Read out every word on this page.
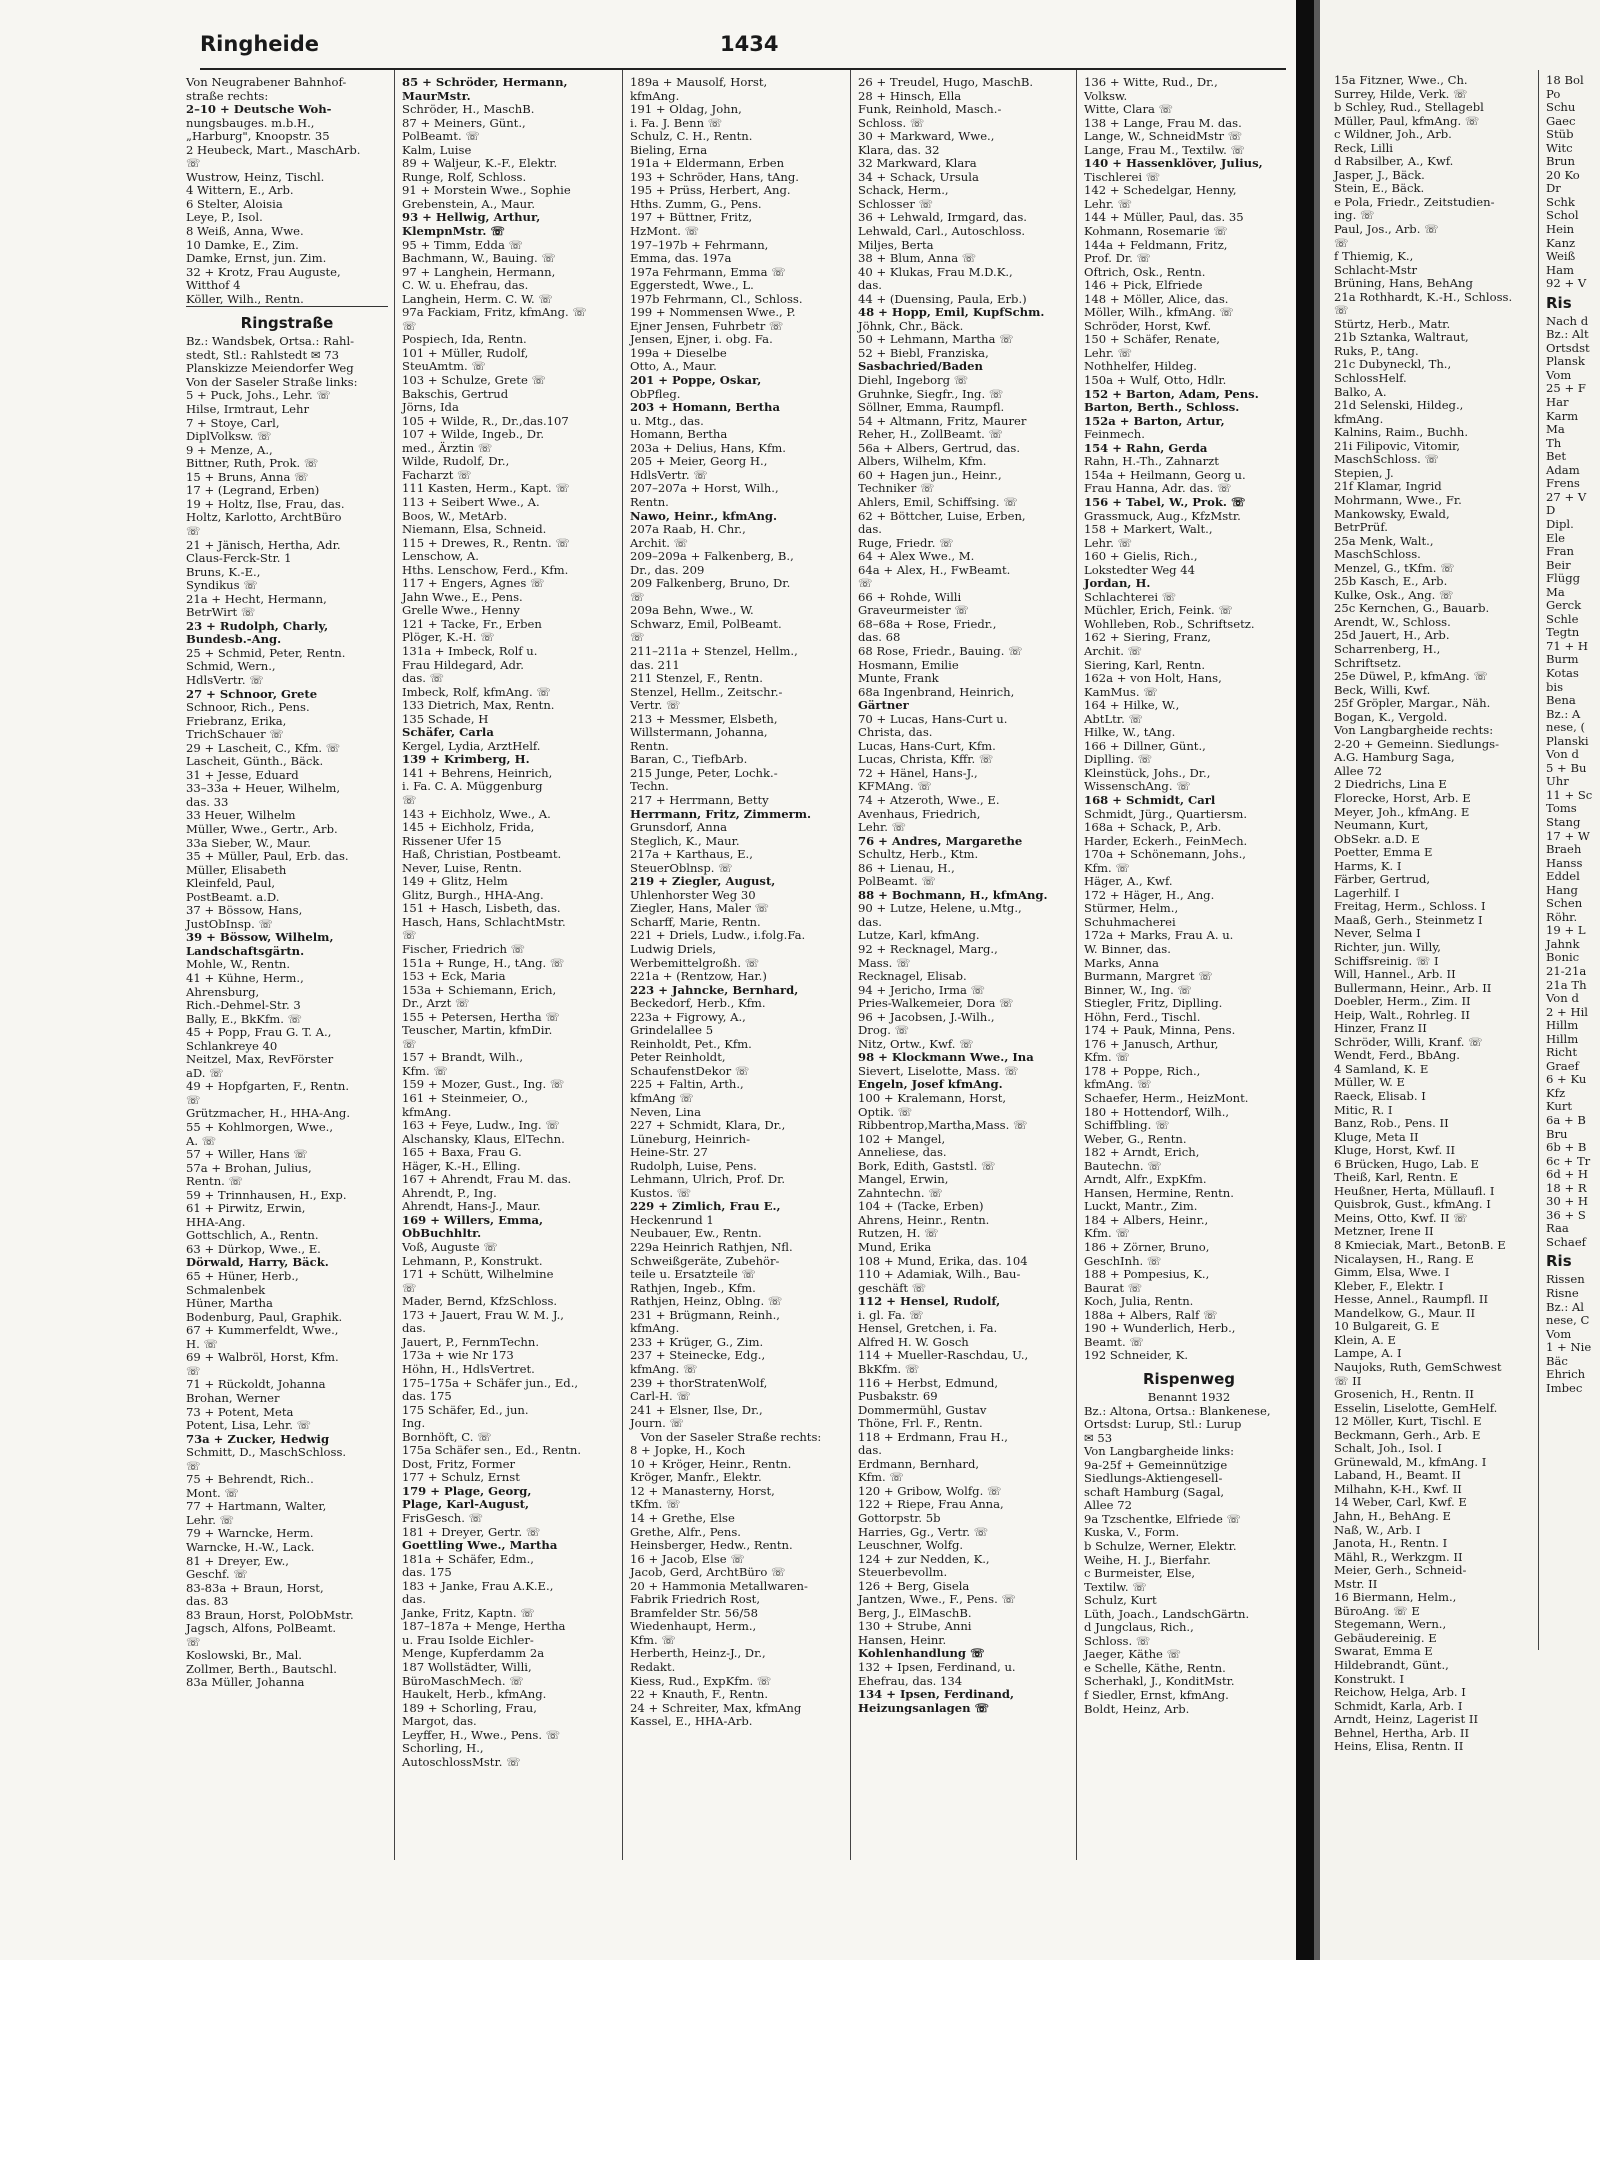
Ringheide	1434
Von Neugrabener Bahnhof-
straße rechts:
2–10 + Deutsche Woh-
nungsbauges. m.b.H.,
„Harburg", Knoopstr. 35
2 Heubeck, Mart., MaschArb.
☏
Wustrow, Heinz, Tischl.
4 Wittern, E., Arb.
6 Stelter, Aloisia
Leye, P., Isol.
8 Weiß, Anna, Wwe.
10 Damke, E., Zim.
Damke, Ernst, jun. Zim.
32 + Krotz, Frau Auguste,
Witthof 4
Köller, Wilh., Rentn.
Ringstraße
Bz.: Wandsbek, Ortsa.: Rahl-
stedt, Stl.: Rahlstedt ✉ 73
Planskizze Meiendorfer Weg
Von der Saseler Straße links:
5 + Puck, Johs., Lehr. ☏
Hilse, Irmtraut, Lehr
7 + Stoye, Carl,
DiplVolksw. ☏
9 + Menze, A.,
Bittner, Ruth, Prok. ☏
15 + Bruns, Anna ☏
17 + (Legrand, Erben)
19 + Holtz, Ilse, Frau, das.
Holtz, Karlotto, ArchtBüro
☏
21 + Jänisch, Hertha, Adr.
Claus-Ferck-Str. 1
Bruns, K.-E.,
Syndikus ☏
21a + Hecht, Hermann,
BetrWirt ☏
23 + Rudolph, Charly,
Bundesb.-Ang.
25 + Schmid, Peter, Rentn.
Schmid, Wern.,
HdlsVertr. ☏
27 + Schnoor, Grete
Schnoor, Rich., Pens.
Friebranz, Erika,
TrichSchauer ☏
29 + Lascheit, C., Kfm. ☏
Lascheit, Günth., Bäck.
31 + Jesse, Eduard
33–33a + Heuer, Wilhelm,
das. 33
33 Heuer, Wilhelm
Müller, Wwe., Gertr., Arb.
33a Sieber, W., Maur.
35 + Müller, Paul, Erb. das.
Müller, Elisabeth
Kleinfeld, Paul,
PostBeamt. a.D.
37 + Bössow, Hans,
JustObInsp. ☏
39 + Bössow, Wilhelm,
Landschaftsgärtn.
Mohle, W., Rentn.
41 + Kühne, Herm.,
Ahrensburg,
Rich.-Dehmel-Str. 3
Bally, E., BkKfm. ☏
45 + Popp, Frau G. T. A.,
Schlankreye 40
Neitzel, Max, RevFörster
aD. ☏
49 + Hopfgarten, F., Rentn.
☏
Grützmacher, H., HHA-Ang.
55 + Kohlmorgen, Wwe.,
A. ☏
57 + Willer, Hans ☏
57a + Brohan, Julius,
Rentn. ☏
59 + Trinnhausen, H., Exp.
61 + Pirwitz, Erwin,
HHA-Ang.
Gottschlich, A., Rentn.
63 + Dürkop, Wwe., E.
Dörwald, Harry, Bäck.
65 + Hüner, Herb.,
Schmalenbek
Hüner, Martha
Bodenburg, Paul, Graphik.
67 + Kummerfeldt, Wwe.,
H. ☏
69 + Walbröl, Horst, Kfm.
☏
71 + Rückoldt, Johanna
Brohan, Werner
73 + Potent, Meta
Potent, Lisa, Lehr. ☏
73a + Zucker, Hedwig
Schmitt, D., MaschSchloss.
☏
75 + Behrendt, Rich..
Mont. ☏
77 + Hartmann, Walter,
Lehr. ☏
79 + Warncke, Herm.
Warncke, H.-W., Lack.
81 + Dreyer, Ew.,
Geschf. ☏
83-83a + Braun, Horst,
das. 83
83 Braun, Horst, PolObMstr.
Jagsch, Alfons, PolBeamt.
☏
Koslowski, Br., Mal.
Zollmer, Berth., Bautschl.
83a Müller, Johanna
85 + Schröder, Hermann,
MaurMstr.
Schröder, H., MaschB.
87 + Meiners, Günt.,
PolBeamt. ☏
Kalm, Luise
89 + Waljeur, K.-F., Elektr.
Runge, Rolf, Schloss.
91 + Morstein Wwe., Sophie
Grebenstein, A., Maur.
93 + Hellwig, Arthur,
KlempnMstr. ☏
95 + Timm, Edda ☏
Bachmann, W., Bauing. ☏
97 + Langhein, Hermann,
C. W. u. Ehefrau, das.
Langhein, Herm. C. W. ☏
97a Fackiam, Fritz, kfmAng. ☏
☏
Pospiech, Ida, Rentn.
101 + Müller, Rudolf,
SteuAmtm. ☏
103 + Schulze, Grete ☏
Bakschis, Gertrud
Jörns, Ida
105 + Wilde, R., Dr.,das.107
107 + Wilde, Ingeb., Dr.
med., Ärztin ☏
Wilde, Rudolf, Dr.,
Facharzt ☏
111 Kasten, Herm., Kapt. ☏
113 + Seibert Wwe., A.
Boos, W., MetArb.
Niemann, Elsa, Schneid.
115 + Drewes, R., Rentn. ☏
Lenschow, A.
Hths. Lenschow, Ferd., Kfm.
117 + Engers, Agnes ☏
Jahn Wwe., E., Pens.
Grelle Wwe., Henny
121 + Tacke, Fr., Erben
Plöger, K.-H. ☏
131a + Imbeck, Rolf u.
Frau Hildegard, Adr.
das. ☏
Imbeck, Rolf, kfmAng. ☏
133 Dietrich, Max, Rentn.
135 Schade, H
Schäfer, Carla
Kergel, Lydia, ArztHelf.
139 + Krimberg, H.
141 + Behrens, Heinrich,
i. Fa. C. A. Müggenburg
☏
143 + Eichholz, Wwe., A.
145 + Eichholz, Frida,
Rissener Ufer 15
Haß, Christian, Postbeamt.
Never, Luise, Rentn.
149 + Glitz, Helm
Glitz, Burgh., HHA-Ang.
151 + Hasch, Lisbeth, das.
Hasch, Hans, SchlachtMstr.
☏
Fischer, Friedrich ☏
151a + Runge, H., tAng. ☏
153 + Eck, Maria
153a + Schiemann, Erich,
Dr., Arzt ☏
155 + Petersen, Hertha ☏
Teuscher, Martin, kfmDir.
☏
157 + Brandt, Wilh.,
Kfm. ☏
159 + Mozer, Gust., Ing. ☏
161 + Steinmeier, O.,
kfmAng.
163 + Feye, Ludw., Ing. ☏
Alschansky, Klaus, ElTechn.
165 + Baxa, Frau G.
Häger, K.-H., Elling.
167 + Ahrendt, Frau M. das.
Ahrendt, P., Ing.
Ahrendt, Hans-J., Maur.
169 + Willers, Emma,
ObBuchhltr.
Voß, Auguste ☏
Lehmann, P., Konstrukt.
171 + Schütt, Wilhelmine
☏
Mader, Bernd, KfzSchloss.
173 + Jauert, Frau W. M. J.,
das.
Jauert, P., FernmTechn.
173a + wie Nr 173
Höhn, H., HdlsVertret.
175–175a + Schäfer jun., Ed.,
das. 175
175 Schäfer, Ed., jun.
Ing.
Bornhöft, C. ☏
175a Schäfer sen., Ed., Rentn.
Dost, Fritz, Former
177 + Schulz, Ernst
179 + Plage, Georg,
Plage, Karl-August,
FrisGesch. ☏
181 + Dreyer, Gertr. ☏
Goettling Wwe., Martha
181a + Schäfer, Edm.,
das. 175
183 + Janke, Frau A.K.E.,
das.
Janke, Fritz, Kaptn. ☏
187–187a + Menge, Hertha
u. Frau Isolde Eichler-
Menge, Kupferdamm 2a
187 Wollstädter, Willi,
BüroMaschMech. ☏
Haukelt, Herb., kfmAng.
189 + Schorling, Frau,
Margot, das.
Leyffer, H., Wwe., Pens. ☏
Schorling, H.,
AutoschlossMstr. ☏
189a + Mausolf, Horst,
kfmAng.
191 + Oldag, John,
i. Fa. J. Benn ☏
Schulz, C. H., Rentn.
Bieling, Erna
191a + Eldermann, Erben
193 + Schröder, Hans, tAng.
195 + Prüss, Herbert, Ang.
Hths. Zumm, G., Pens.
197 + Büttner, Fritz,
HzMont. ☏
197–197b + Fehrmann,
Emma, das. 197a
197a Fehrmann, Emma ☏
Eggerstedt, Wwe., L.
197b Fehrmann, Cl., Schloss.
199 + Nommensen Wwe., P.
Ejner Jensen, Fuhrbetr ☏
Jensen, Ejner, i. obg. Fa.
199a + Dieselbe
Otto, A., Maur.
201 + Poppe, Oskar,
ObPfleg.
203 + Homann, Bertha
u. Mtg., das.
Homann, Bertha
203a + Delius, Hans, Kfm.
205 + Meier, Georg H.,
HdlsVertr. ☏
207–207a + Horst, Wilh.,
Rentn.
Nawo, Heinr., kfmAng.
207a Raab, H. Chr.,
Archit. ☏
209–209a + Falkenberg, B.,
Dr., das. 209
209 Falkenberg, Bruno, Dr.
☏
209a Behn, Wwe., W.
Schwarz, Emil, PolBeamt.
☏
211–211a + Stenzel, Hellm.,
das. 211
211 Stenzel, F., Rentn.
Stenzel, Hellm., Zeitschr.-
Vertr. ☏
213 + Messmer, Elsbeth,
Willstermann, Johanna,
Rentn.
Baran, C., TiefbArb.
215 Junge, Peter, Lochk.-
Techn.
217 + Herrmann, Betty
Herrmann, Fritz, Zimmerm.
Grunsdorf, Anna
Steglich, K., Maur.
217a + Karthaus, E.,
SteuerOblnsp. ☏
219 + Ziegler, August,
Uhlenhorster Weg 30
Ziegler, Hans, Maler ☏
Scharff, Marie, Rentn.
221 + Driels, Ludw., i.folg.Fa.
Ludwig Driels,
Werbemittelgroßh. ☏
221a + (Rentzow, Har.)
223 + Jahncke, Bernhard,
Beckedorf, Herb., Kfm.
223a + Figrowy, A.,
Grindelallee 5
Reinholdt, Pet., Kfm.
Peter Reinholdt,
SchaufenstDekor ☏
225 + Faltin, Arth.,
kfmAng ☏
Neven, Lina
227 + Schmidt, Klara, Dr.,
Lüneburg, Heinrich-
Heine-Str. 27
Rudolph, Luise, Pens.
Lehmann, Ulrich, Prof. Dr.
Kustos. ☏
229 + Zimlich, Frau E.,
Heckenrund 1
Neubauer, Ew., Rentn.
229a Heinrich Rathjen, Nfl.
Schweißgeräte, Zubehör-
teile u. Ersatzteile ☏
Rathjen, Ingeb., Kfm.
Rathjen, Heinz, Oblng. ☏
231 + Brügmann, Reinh.,
kfmAng.
233 + Krüger, G., Zim.
237 + Steinecke, Edg.,
kfmAng. ☏
239 + thorStratenWolf,
Carl-H. ☏
241 + Elsner, Ilse, Dr.,
Journ. ☏
Von der Saseler Straße rechts:
8 + Jopke, H., Koch
10 + Kröger, Heinr., Rentn.
Kröger, Manfr., Elektr.
12 + Manasterny, Horst,
tKfm. ☏
14 + Grethe, Else
Grethe, Alfr., Pens.
Heinsberger, Hedw., Rentn.
16 + Jacob, Else ☏
Jacob, Gerd, ArchtBüro ☏
20 + Hammonia Metallwaren-
Fabrik Friedrich Rost,
Bramfelder Str. 56/58
Wiedenhaupt, Herm.,
Kfm. ☏
Herberth, Heinz-J., Dr.,
Redakt.
Kiess, Rud., ExpKfm. ☏
22 + Knauth, F., Rentn.
24 + Schreiter, Max, kfmAng
Kassel, E., HHA-Arb.
26 + Treudel, Hugo, MaschB.
28 + Hinsch, Ella
Funk, Reinhold, Masch.-
Schloss. ☏
30 + Markward, Wwe.,
Klara, das. 32
32 Markward, Klara
34 + Schack, Ursula
Schack, Herm.,
Schlosser ☏
36 + Lehwald, Irmgard, das.
Lehwald, Carl., Autoschloss.
Miljes, Berta
38 + Blum, Anna ☏
40 + Klukas, Frau M.D.K.,
das.
44 + (Duensing, Paula, Erb.)
48 + Hopp, Emil, KupfSchm.
Jöhnk, Chr., Bäck.
50 + Lehmann, Martha ☏
52 + Biebl, Franziska,
Sasbachried/Baden
Diehl, Ingeborg ☏
Gruhnke, Siegfr., Ing. ☏
Söllner, Emma, Raumpfl.
54 + Altmann, Fritz, Maurer
Reher, H., ZollBeamt. ☏
56a + Albers, Gertrud, das.
Albers, Wilhelm, Kfm.
60 + Hagen jun., Heinr.,
Techniker ☏
Ahlers, Emil, Schiffsing. ☏
62 + Böttcher, Luise, Erben,
das.
Ruge, Friedr. ☏
64 + Alex Wwe., M.
64a + Alex, H., FwBeamt.
☏
66 + Rohde, Willi
Graveurmeister ☏
68–68a + Rose, Friedr.,
das. 68
68 Rose, Friedr., Bauing. ☏
Hosmann, Emilie
Munte, Frank
68a Ingenbrand, Heinrich,
Gärtner
70 + Lucas, Hans-Curt u.
Christa, das.
Lucas, Hans-Curt, Kfm.
Lucas, Christa, Kffr. ☏
72 + Hänel, Hans-J.,
KFMAng. ☏
74 + Atzeroth, Wwe., E.
Avenhaus, Friedrich,
Lehr. ☏
76 + Andres, Margarethe
Schultz, Herb., Ktm.
86 + Lienau, H.,
PolBeamt. ☏
88 + Bochmann, H., kfmAng.
90 + Lutze, Helene, u.Mtg.,
das.
Lutze, Karl, kfmAng.
92 + Recknagel, Marg.,
Mass. ☏
Recknagel, Elisab.
94 + Jericho, Irma ☏
Pries-Walkemeier, Dora ☏
96 + Jacobsen, J.-Wilh.,
Drog. ☏
Nitz, Ortw., Kwf. ☏
98 + Klockmann Wwe., Ina
Sievert, Liselotte, Mass. ☏
Engeln, Josef kfmAng.
100 + Kralemann, Horst,
Optik. ☏
Ribbentrop,Martha,Mass. ☏
102 + Mangel,
Anneliese, das.
Bork, Edith, Gaststl. ☏
Mangel, Erwin,
Zahntechn. ☏
104 + (Tacke, Erben)
Ahrens, Heinr., Rentn.
Rutzen, H. ☏
Mund, Erika
108 + Mund, Erika, das. 104
110 + Adamiak, Wilh., Bau-
geschäft ☏
112 + Hensel, Rudolf,
i. gl. Fa. ☏
Hensel, Gretchen, i. Fa.
Alfred H. W. Gosch
114 + Mueller-Raschdau, U.,
BkKfm. ☏
116 + Herbst, Edmund,
Pusbakstr. 69
Dommermühl, Gustav
Thöne, Frl. F., Rentn.
118 + Erdmann, Frau H.,
das.
Erdmann, Bernhard,
Kfm. ☏
120 + Gribow, Wolfg. ☏
122 + Riepe, Frau Anna,
Gottorpstr. 5b
Harries, Gg., Vertr. ☏
Leuschner, Wolfg.
124 + zur Nedden, K.,
Steuerbevollm.
126 + Berg, Gisela
Jantzen, Wwe., F., Pens. ☏
Berg, J., ElMaschB.
130 + Strube, Anni
Hansen, Heinr.
Kohlenhandlung ☏
132 + Ipsen, Ferdinand, u.
Ehefrau, das. 134
134 + Ipsen, Ferdinand,
Heizungsanlagen ☏
136 + Witte, Rud., Dr.,
Volksw.
Witte, Clara ☏
138 + Lange, Frau M. das.
Lange, W., SchneidMstr ☏
Lange, Frau M., Textilw. ☏
140 + Hassenklöver, Julius,
Tischlerei ☏
142 + Schedelgar, Henny,
Lehr. ☏
144 + Müller, Paul, das. 35
Kohmann, Rosemarie ☏
144a + Feldmann, Fritz,
Prof. Dr. ☏
Oftrich, Osk., Rentn.
146 + Pick, Elfriede
148 + Möller, Alice, das.
Möller, Wilh., kfmAng. ☏
Schröder, Horst, Kwf.
150 + Schäfer, Renate,
Lehr. ☏
Nothhelfer, Hildeg.
150a + Wulf, Otto, Hdlr.
152 + Barton, Adam, Pens.
Barton, Berth., Schloss.
152a + Barton, Artur,
Feinmech.
154 + Rahn, Gerda
Rahn, H.-Th., Zahnarzt
154a + Heilmann, Georg u.
Frau Hanna, Adr. das. ☏
156 + Tabel, W., Prok. ☏
Grassmuck, Aug., KfzMstr.
158 + Markert, Walt.,
Lehr. ☏
160 + Gielis, Rich.,
Lokstedter Weg 44
Jordan, H.
Schlachterei ☏
Müchler, Erich, Feink. ☏
Wohlleben, Rob., Schriftsetz.
162 + Siering, Franz,
Archit. ☏
Siering, Karl, Rentn.
162a + von Holt, Hans,
KamMus. ☏
164 + Hilke, W.,
AbtLtr. ☏
Hilke, W., tAng.
166 + Dillner, Günt.,
Diplling. ☏
Kleinstück, Johs., Dr.,
WissenschAng. ☏
168 + Schmidt, Carl
Schmidt, Jürg., Quartiersm.
168a + Schack, P., Arb.
Harder, Eckerh., FeinMech.
170a + Schönemann, Johs.,
Kfm. ☏
Häger, A., Kwf.
172 + Häger, H., Ang.
Stürmer, Helm.,
Schuhmacherei
172a + Marks, Frau A. u.
W. Binner, das.
Marks, Anna
Burmann, Margret ☏
Binner, W., Ing. ☏
Stiegler, Fritz, Diplling.
Höhn, Ferd., Tischl.
174 + Pauk, Minna, Pens.
176 + Janusch, Arthur,
Kfm. ☏
178 + Poppe, Rich.,
kfmAng. ☏
Schaefer, Herm., HeizMont.
180 + Hottendorf, Wilh.,
Schiffbling. ☏
Weber, G., Rentn.
182 + Arndt, Erich,
Bautechn. ☏
Arndt, Alfr., ExpKfm.
Hansen, Hermine, Rentn.
Luckt, Mantr., Zim.
184 + Albers, Heinr.,
Kfm. ☏
186 + Zörner, Bruno,
GeschInh. ☏
188 + Pompesius, K.,
Baurat ☏
Koch, Julia, Rentn.
188a + Albers, Ralf ☏
190 + Wunderlich, Herb.,
Beamt. ☏
192 Schneider, K.
Rispenweg
Benannt 1932
Bz.: Altona, Ortsa.: Blankenese,
Ortsdst: Lurup, Stl.: Lurup
✉ 53
Von Langbargheide links:
9a-25f + Gemeinnützige
Siedlungs-Aktiengesell-
schaft Hamburg (Sagal,
Allee 72
9a Tzschentke, Elfriede ☏
Kuska, V., Form.
b Schulze, Werner, Elektr.
Weihe, H. J., Bierfahr.
c Burmeister, Else,
Textilw. ☏
Schulz, Kurt
Lüth, Joach., LandschGärtn.
d Jungclaus, Rich.,
Schloss. ☏
Jaeger, Käthe ☏
e Schelle, Käthe, Rentn.
Scherhakl, J., KonditMstr.
f Siedler, Ernst, kfmAng.
Boldt, Heinz, Arb.
15a Fitzner, Wwe., Ch.
Surrey, Hilde, Verk. ☏
b Schley, Rud., Stellagebl
Müller, Paul, kfmAng. ☏
c Wildner, Joh., Arb.
Reck, Lilli
d Rabsilber, A., Kwf.
Jasper, J., Bäck.
Stein, E., Bäck.
e Pola, Friedr., Zeitstudien-
ing. ☏
Paul, Jos., Arb. ☏
☏
f Thiemig, K.,
Schlacht-Mstr
Brüning, Hans, BehAng
21a Rothhardt, K.-H., Schloss.
☏
Stürtz, Herb., Matr.
21b Sztanka, Waltraut,
Ruks, P., tAng.
21c Dubyneckl, Th.,
SchlossHelf.
Balko, A.
21d Selenski, Hildeg.,
kfmAng.
Kalnins, Raim., Buchh.
21i Filipovic, Vitomir,
MaschSchloss. ☏
Stepien, J.
21f Klamar, Ingrid
Mohrmann, Wwe., Fr.
Mankowsky, Ewald,
BetrPrüf.
25a Menk, Walt.,
MaschSchloss.
Menzel, G., tKfm. ☏
25b Kasch, E., Arb.
Kulke, Osk., Ang. ☏
25c Kernchen, G., Bauarb.
Arendt, W., Schloss.
25d Jauert, H., Arb.
Scharrenberg, H.,
Schriftsetz.
25e Düwel, P., kfmAng. ☏
Beck, Willi, Kwf.
25f Gröpler, Margar., Näh.
Bogan, K., Vergold.
Von Langbargheide rechts:
2-20 + Gemeinn. Siedlungs-
A.G. Hamburg Saga,
Allee 72
2 Diedrichs, Lina E
Florecke, Horst, Arb. E
Meyer, Joh., kfmAng. E
Neumann, Kurt,
ObSekr. a.D. E
Poetter, Emma E
Harms, K. I
Färber, Gertrud,
Lagerhilf. I
Freitag, Herm., Schloss. I
Maaß, Gerh., Steinmetz I
Never, Selma I
Richter, jun. Willy,
Schiffsreinig. ☏ I
Will, Hannel., Arb. II
Bullermann, Heinr., Arb. II
Doebler, Herm., Zim. II
Heip, Walt., Rohrleg. II
Hinzer, Franz II
Schröder, Willi, Kranf. ☏
Wendt, Ferd., BbAng.
4 Samland, K. E
Müller, W. E
Raeck, Elisab. I
Mitic, R. I
Banz, Rob., Pens. II
Kluge, Meta II
Kluge, Horst, Kwf. II
6 Brücken, Hugo, Lab. E
Theiß, Karl, Rentn. E
Heußner, Herta, Müllaufl. I
Quisbrok, Gust., kfmAng. I
Meins, Otto, Kwf. II ☏
Metzner, Irene II
8 Kmieciak, Mart., BetonB. E
Nicalaysen, H., Rang. E
Gimm, Elsa, Wwe. I
Kleber, F., Elektr. I
Hesse, Annel., Raumpfl. II
Mandelkow, G., Maur. II
10 Bulgareit, G. E
Klein, A. E
Lampe, A. I
Naujoks, Ruth, GemSchwest
☏ II
Grosenich, H., Rentn. II
Esselin, Liselotte, GemHelf.
12 Möller, Kurt, Tischl. E
Beckmann, Gerh., Arb. E
Schalt, Joh., Isol. I
Grünewald, M., kfmAng. I
Laband, H., Beamt. II
Milhahn, K-H., Kwf. II
14 Weber, Carl, Kwf. E
Jahn, H., BehAng. E
Naß, W., Arb. I
Janota, H., Rentn. I
Mähl, R., Werkzgm. II
Meier, Gerh., Schneid-
Mstr. II
16 Biermann, Helm.,
BüroAng. ☏ E
Stegemann, Wern.,
Gebäudereinig. E
Swarat, Emma E
Hildebrandt, Günt.,
Konstrukt. I
Reichow, Helga, Arb. I
Schmidt, Karla, Arb. I
Arndt, Heinz, Lagerist II
Behnel, Hertha, Arb. II
Heins, Elisa, Rentn. II
18 Bol
Po
Schu
Gaec
Stüb
Witc
Brun
20 Ko
Dr
Schk
Schol
Hein
Kanz
Weiß
Ham
92 + V
Ris
Nach d
Bz.: Alt
Ortsdst
Plansk
Vom
25 + F
Har
Karm
Ma
Th
Bet
Adam
Frens
27 + V
D
Dipl.
Ele
Fran
Beir
Flügg
Ma
Gerck
Schle
Tegtn
71 + H
Burm
Kotas
bis
Bena
Bz.: A
nese, (
Planski
Von d
5 + Bu
Uhr
11 + Sc
Toms
Stang
17 + W
Braeh
Hanss
Eddel
Hang
Schen
Röhr.
19 + L
Jahnk
Bonic
21-21a
21a Th
Von d
2 + Hil
Hillm
Hillm
Richt
Graef
6 + Ku
Kfz
Kurt
6a + B
Bru
6b + B
6c + Tr
6d + H
18 + R
30 + H
36 + S
Raa
Schaef
Ris
Rissen
Risne
Bz.: Al
nese, C
Vom
1 + Nie
Bäc
Ehrich
Imbec
